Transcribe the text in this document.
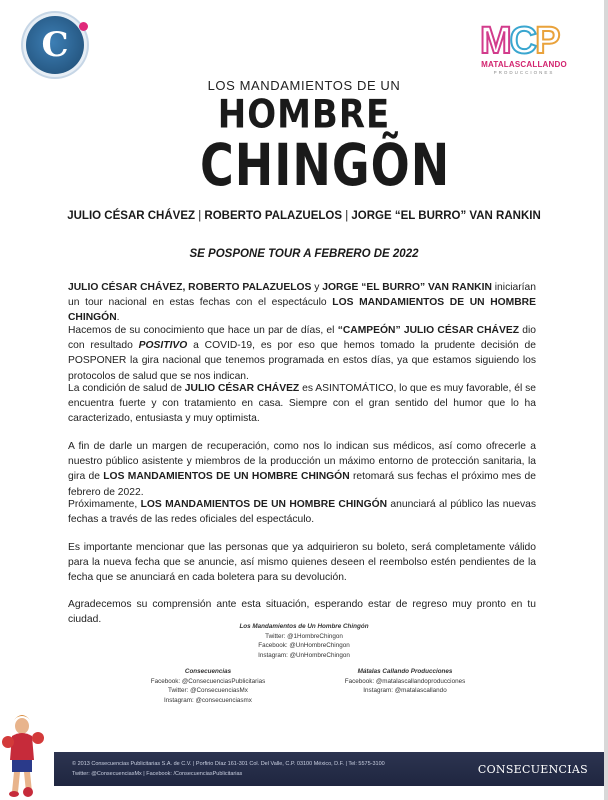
C	MCP
MATALASCALLANDO
PRODUCCIONES
LOS MANDAMIENTOS DE UN
HOMBRE
CHINGÕN
JULIO CÉSAR CHÁVEZ | ROBERTO PALAZUELOS | JORGE “EL BURRO” VAN RANKIN
SE POSPONE TOUR A FEBRERO DE 2022
JULIO CÉSAR CHÁVEZ, ROBERTO PALAZUELOS y JORGE “EL BURRO” VAN RANKIN iniciarían un tour nacional en estas fechas con el espectáculo LOS MANDAMIENTOS DE UN HOMBRE CHINGÓN.
Hacemos de su conocimiento que hace un par de días, el “CAMPEÓN” JULIO CÉSAR CHÁVEZ dio con resultado POSITIVO a COVID-19, es por eso que hemos tomado la prudente decisión de POSPONER la gira nacional que tenemos programada en estos días, ya que estamos siguiendo los protocolos de salud que se nos indican.
La condición de salud de JULIO CÉSAR CHÁVEZ es ASINTOMÁTICO, lo que es muy favorable, él se encuentra fuerte y con tratamiento en casa. Siempre con el gran sentido del humor que lo ha caracterizado, entusiasta y muy optimista.
A fin de darle un margen de recuperación, como nos lo indican sus médicos, así como ofrecerle a nuestro público asistente y miembros de la producción un máximo entorno de protección sanitaria, la gira de LOS MANDAMIENTOS DE UN HOMBRE CHINGÓN retomará sus fechas el próximo mes de febrero de 2022.
Próximamente, LOS MANDAMIENTOS DE UN HOMBRE CHINGÓN anunciará al público las nuevas fechas a través de las redes oficiales del espectáculo.
Es importante mencionar que las personas que ya adquirieron su boleto, será completamente válido para la nueva fecha que se anuncie, así mismo quienes deseen el reembolso estén pendientes de la fecha que se anunciará en cada boletera para su devolución.
Agradecemos su comprensión ante esta situación, esperando estar de regreso muy pronto en tu ciudad.
Los Mandamientos de Un Hombre Chingón
Twitter: @1HombreChingon
Facebook: @UnHombreChingon
Instagram: @UnHombreChingon
Consecuencias
Facebook: @ConsecuenciasPublicitarias
Twitter: @ConsecuenciasMx
Instagram: @consecuenciasmx
Mátalas Callando Producciones
Facebook: @matalascallandoproducciones
Instagram: @matalascallando
© 2013 Consecuencias Publicitarias S.A. de C.V. | Porfirio Díaz 161-301 Col. Del Valle, C.P. 03100 México, D.F. | Tel: 5575-3100
Twitter: @ConsecuenciasMx | Facebook: /ConsecuenciasPublicitarias	CONSECUENCIAS
